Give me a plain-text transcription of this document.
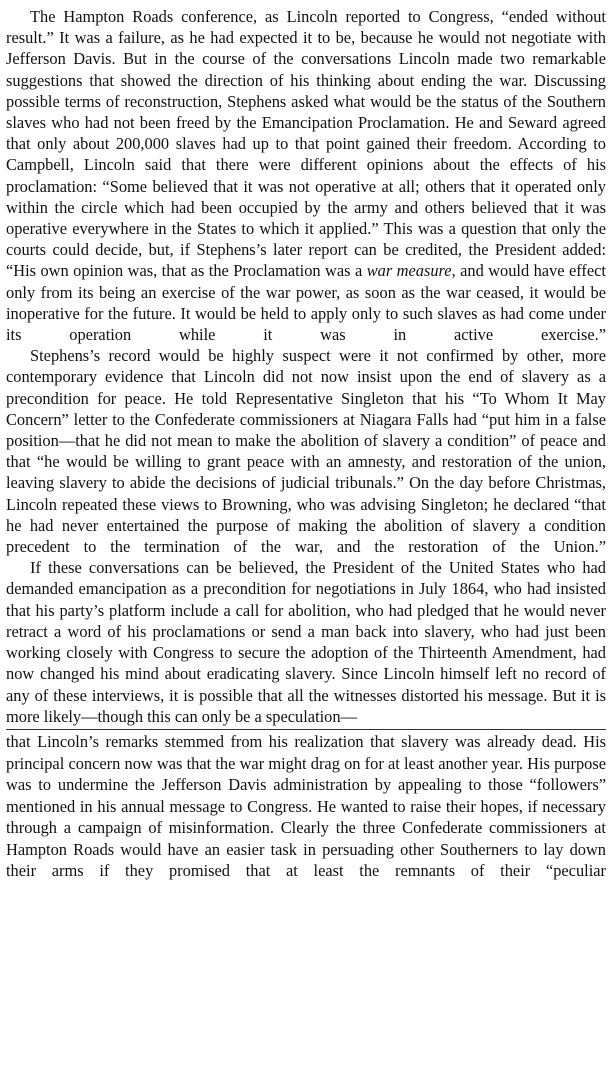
The Hampton Roads conference, as Lincoln reported to Congress, “ended without result.” It was a failure, as he had expected it to be, because he would not negotiate with Jefferson Davis. But in the course of the conversations Lincoln made two remarkable suggestions that showed the direction of his thinking about ending the war. Discussing possible terms of reconstruction, Stephens asked what would be the status of the Southern slaves who had not been freed by the Emancipation Proclamation. He and Seward agreed that only about 200,000 slaves had up to that point gained their freedom. According to Campbell, Lincoln said that there were different opinions about the effects of his proclamation: “Some believed that it was not operative at all; others that it operated only within the circle which had been occupied by the army and others believed that it was operative everywhere in the States to which it applied.” This was a question that only the courts could decide, but, if Stephens’s later report can be credited, the President added: “His own opinion was, that as the Proclamation was a war measure, and would have effect only from its being an exercise of the war power, as soon as the war ceased, it would be inoperative for the future. It would be held to apply only to such slaves as had come under its operation while it was in active exercise.”

Stephens’s record would be highly suspect were it not confirmed by other, more contemporary evidence that Lincoln did not now insist upon the end of slavery as a precondition for peace. He told Representative Singleton that his “To Whom It May Concern” letter to the Confederate commissioners at Niagara Falls had “put him in a false position—that he did not mean to make the abolition of slavery a condition” of peace and that “he would be willing to grant peace with an amnesty, and restoration of the union, leaving slavery to abide the decisions of judicial tribunals.” On the day before Christmas, Lincoln repeated these views to Browning, who was advising Singleton; he declared “that he had never entertained the purpose of making the abolition of slavery a condition precedent to the termination of the war, and the restoration of the Union.”

If these conversations can be believed, the President of the United States who had demanded emancipation as a precondition for negotiations in July 1864, who had insisted that his party’s platform include a call for abolition, who had pledged that he would never retract a word of his proclamations or send a man back into slavery, who had just been working closely with Congress to secure the adoption of the Thirteenth Amendment, had now changed his mind about eradicating slavery. Since Lincoln himself left no record of any of these interviews, it is possible that all the witnesses distorted his message. But it is more likely—though this can only be a speculation—

that Lincoln’s remarks stemmed from his realization that slavery was already dead. His principal concern now was that the war might drag on for at least another year. His purpose was to undermine the Jefferson Davis administration by appealing to those “followers” mentioned in his annual message to Congress. He wanted to raise their hopes, if necessary through a campaign of misinformation. Clearly the three Confederate commissioners at Hampton Roads would have an easier task in persuading other Southerners to lay down their arms if they promised that at least the remnants of their “peculiar
